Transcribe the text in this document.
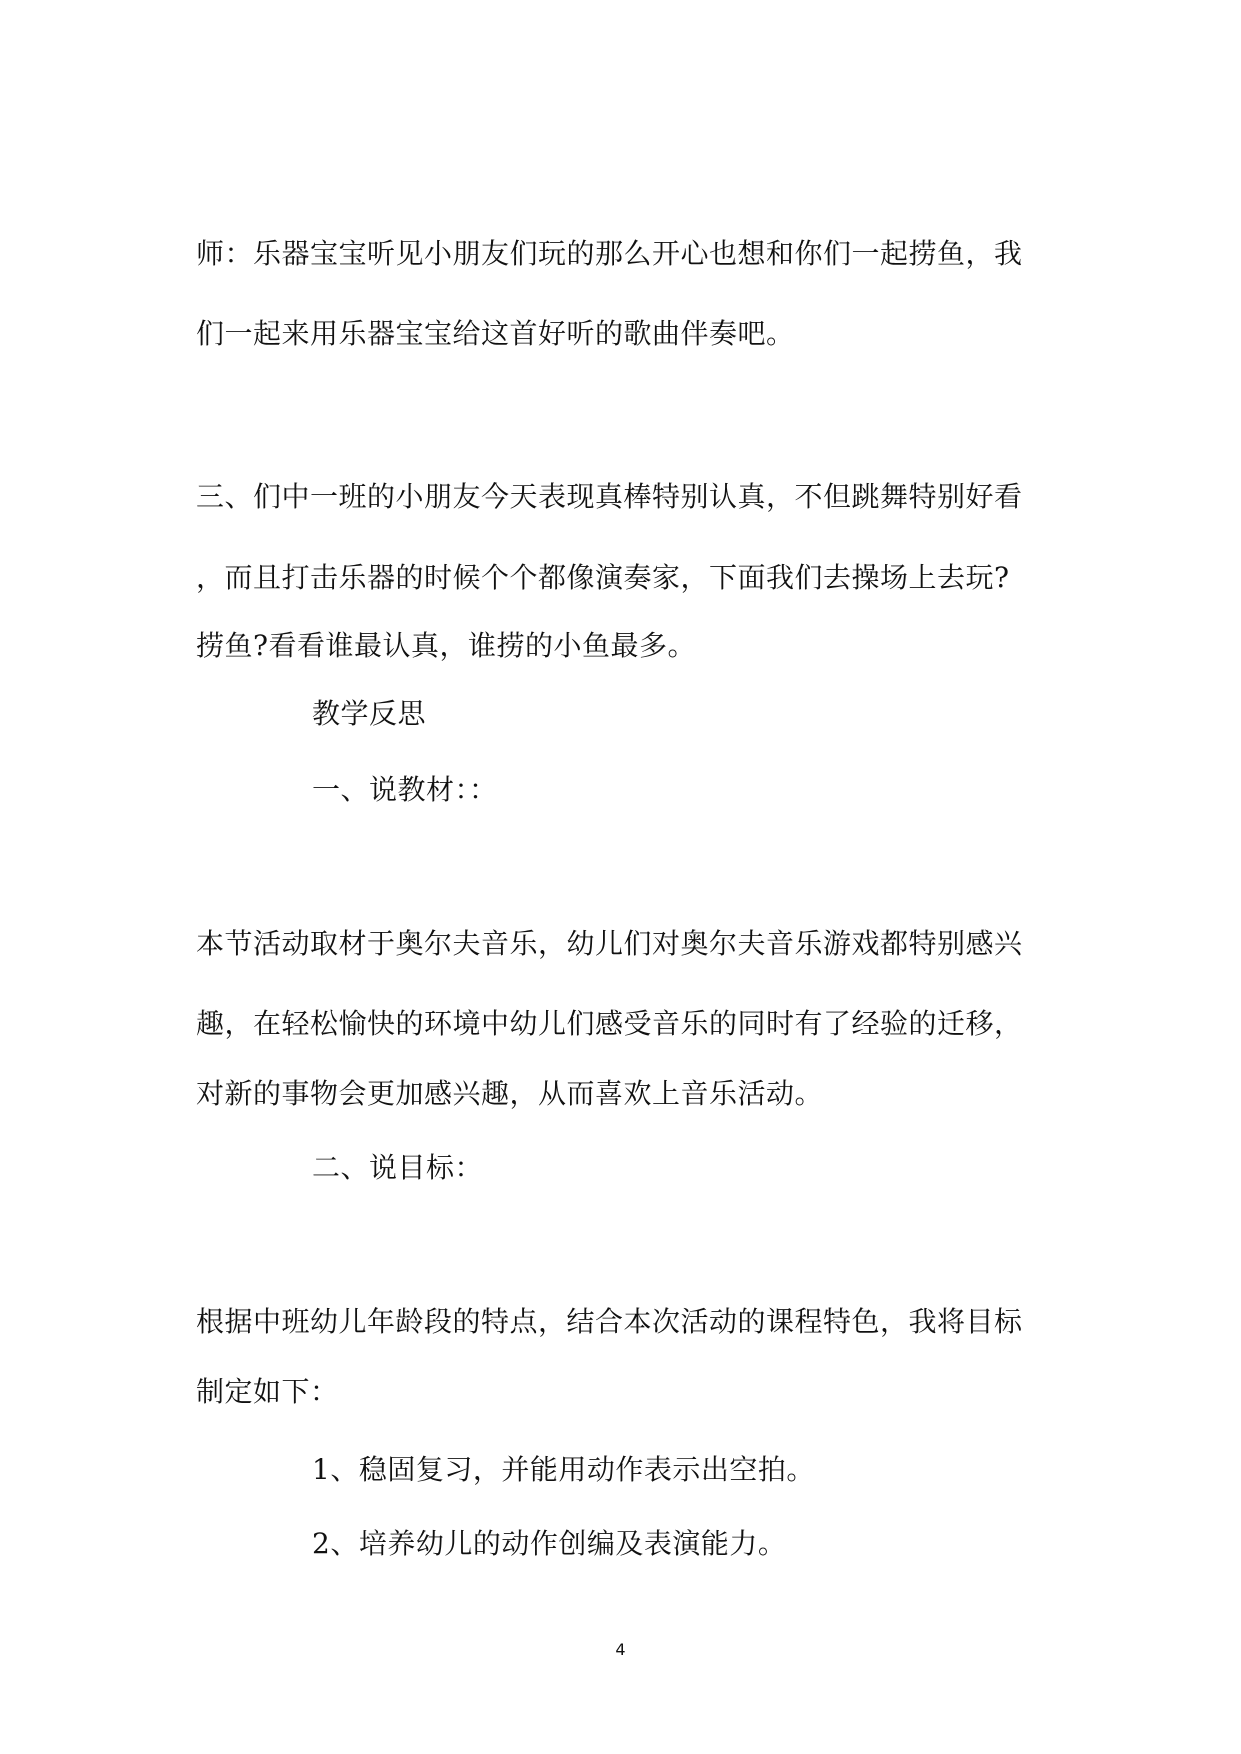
师：乐器宝宝听见小朋友们玩的那么开心也想和你们一起捞鱼，我
们一起来用乐器宝宝给这首好听的歌曲伴奏吧。
三、们中一班的小朋友今天表现真棒特别认真，不但跳舞特别好看
，而且打击乐器的时候个个都像演奏家，下面我们去操场上去玩?
捞鱼?看看谁最认真，谁捞的小鱼最多。
教学反思
一、说教材：：
本节活动取材于奥尔夫音乐，幼儿们对奥尔夫音乐游戏都特别感兴
趣，在轻松愉快的环境中幼儿们感受音乐的同时有了经验的迁移，
对新的事物会更加感兴趣，从而喜欢上音乐活动。
二、说目标：
根据中班幼儿年龄段的特点，结合本次活动的课程特色，我将目标
制定如下：
1、稳固复习，并能用动作表示出空拍。
2、培养幼儿的动作创编及表演能力。
4
